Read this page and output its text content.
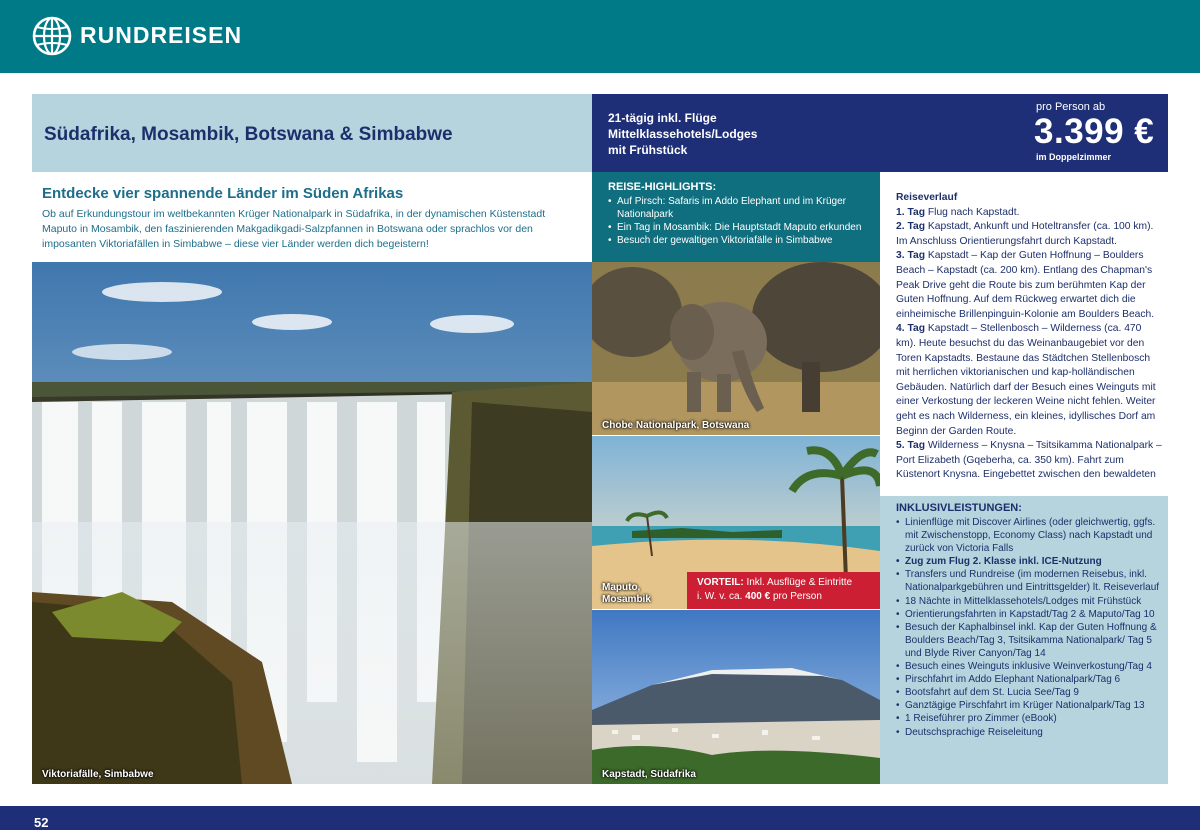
RUNDREISEN
Südafrika, Mosambik, Botswana & Simbabwe
21-tägig inkl. Flüge
Mittelklassehotels/Lodges
mit Frühstück
pro Person ab
3.399 €
im Doppelzimmer
Entdecke vier spannende Länder im Süden Afrikas
Ob auf Erkundungstour im weltbekannten Krüger Nationalpark in Südafrika, in der dynamischen Küstenstadt Maputo in Mosambik, den faszinierenden Makgadikgadi-Salzpfannen in Botswana oder sprachlos vor den imposanten Viktoriafällen in Simbabwe – diese vier Länder werden dich begeistern!
Viktoriafälle, Simbabwe
REISE-HIGHLIGHTS:
• Auf Pirsch: Safaris im Addo Elephant und im Krüger Nationalpark
• Ein Tag in Mosambik: Die Hauptstadt Maputo erkunden
• Besuch der gewaltigen Viktoriafälle in Simbabwe
Chobe Nationalpark, Botswana
Maputo,
Mosambik
VORTEIL: Inkl. Ausflüge & Eintritte
i. W. v. ca. 400 € pro Person
Kapstadt, Südafrika
Reiseverlauf

1. Tag Flug nach Kapstadt.

2. Tag Kapstadt, Ankunft und Hoteltransfer (ca. 100 km). Im Anschluss Orientierungsfahrt durch Kapstadt.

3. Tag Kapstadt – Kap der Guten Hoffnung – Boulders Beach – Kapstadt (ca. 200 km). Entlang des Chapman's Peak Drive geht die Route bis zum berühmten Kap der Guten Hoffnung. Auf dem Rückweg erwartet dich die einheimische Brillenpinguin-Kolonie am Boulders Beach.

4. Tag Kapstadt – Stellenbosch – Wilderness (ca. 470 km). Heute besuchst du das Weinanbaugebiet vor den Toren Kapstadts. Bestaune das Städtchen Stellenbosch mit herrlichen viktorianischen und kap-holländischen Gebäuden. Natürlich darf der Besuch eines Weinguts mit einer Verkostung der leckeren Weine nicht fehlen. Weiter geht es nach Wilderness, ein kleines, idyllisches Dorf am Beginn der Garden Route.

5. Tag Wilderness – Knysna – Tsitsikamma Nationalpark – Port Elizabeth (Gqeberha, ca. 350 km). Fahrt zum Küstenort Knysna. Eingebettet zwischen den bewaldeten

INKLUSIVLEISTUNGEN:
• Linienflüge mit Discover Airlines (oder gleichwertig, ggfs. mit Zwischenstopp, Economy Class) nach Kapstadt und zurück von Victoria Falls
• Zug zum Flug 2. Klasse inkl. ICE-Nutzung
• Transfers und Rundreise (im modernen Reisebus, inkl. Nationalparkgebühren und Eintrittsgelder) lt. Reiseverlauf
• 18 Nächte in Mittelklassehotels/Lodges mit Frühstück
• Orientierungsfahrten in Kapstadt/Tag 2 & Maputo/Tag 10
• Besuch der Kaphalbinsel inkl. Kap der Guten Hoffnung & Boulders Beach/Tag 3, Tsitsikamma Nationalpark/ Tag 5 und Blyde River Canyon/Tag 14
• Besuch eines Weinguts inklusive Weinverkostung/Tag 4
• Pirschfahrt im Addo Elephant Nationalpark/Tag 6
• Bootsfahrt auf dem St. Lucia See/Tag 9
• Ganztägige Pirschfahrt im Krüger Nationalpark/Tag 13
• 1 Reiseführer pro Zimmer (eBook)
• Deutschsprachige Reiseleitung
52
